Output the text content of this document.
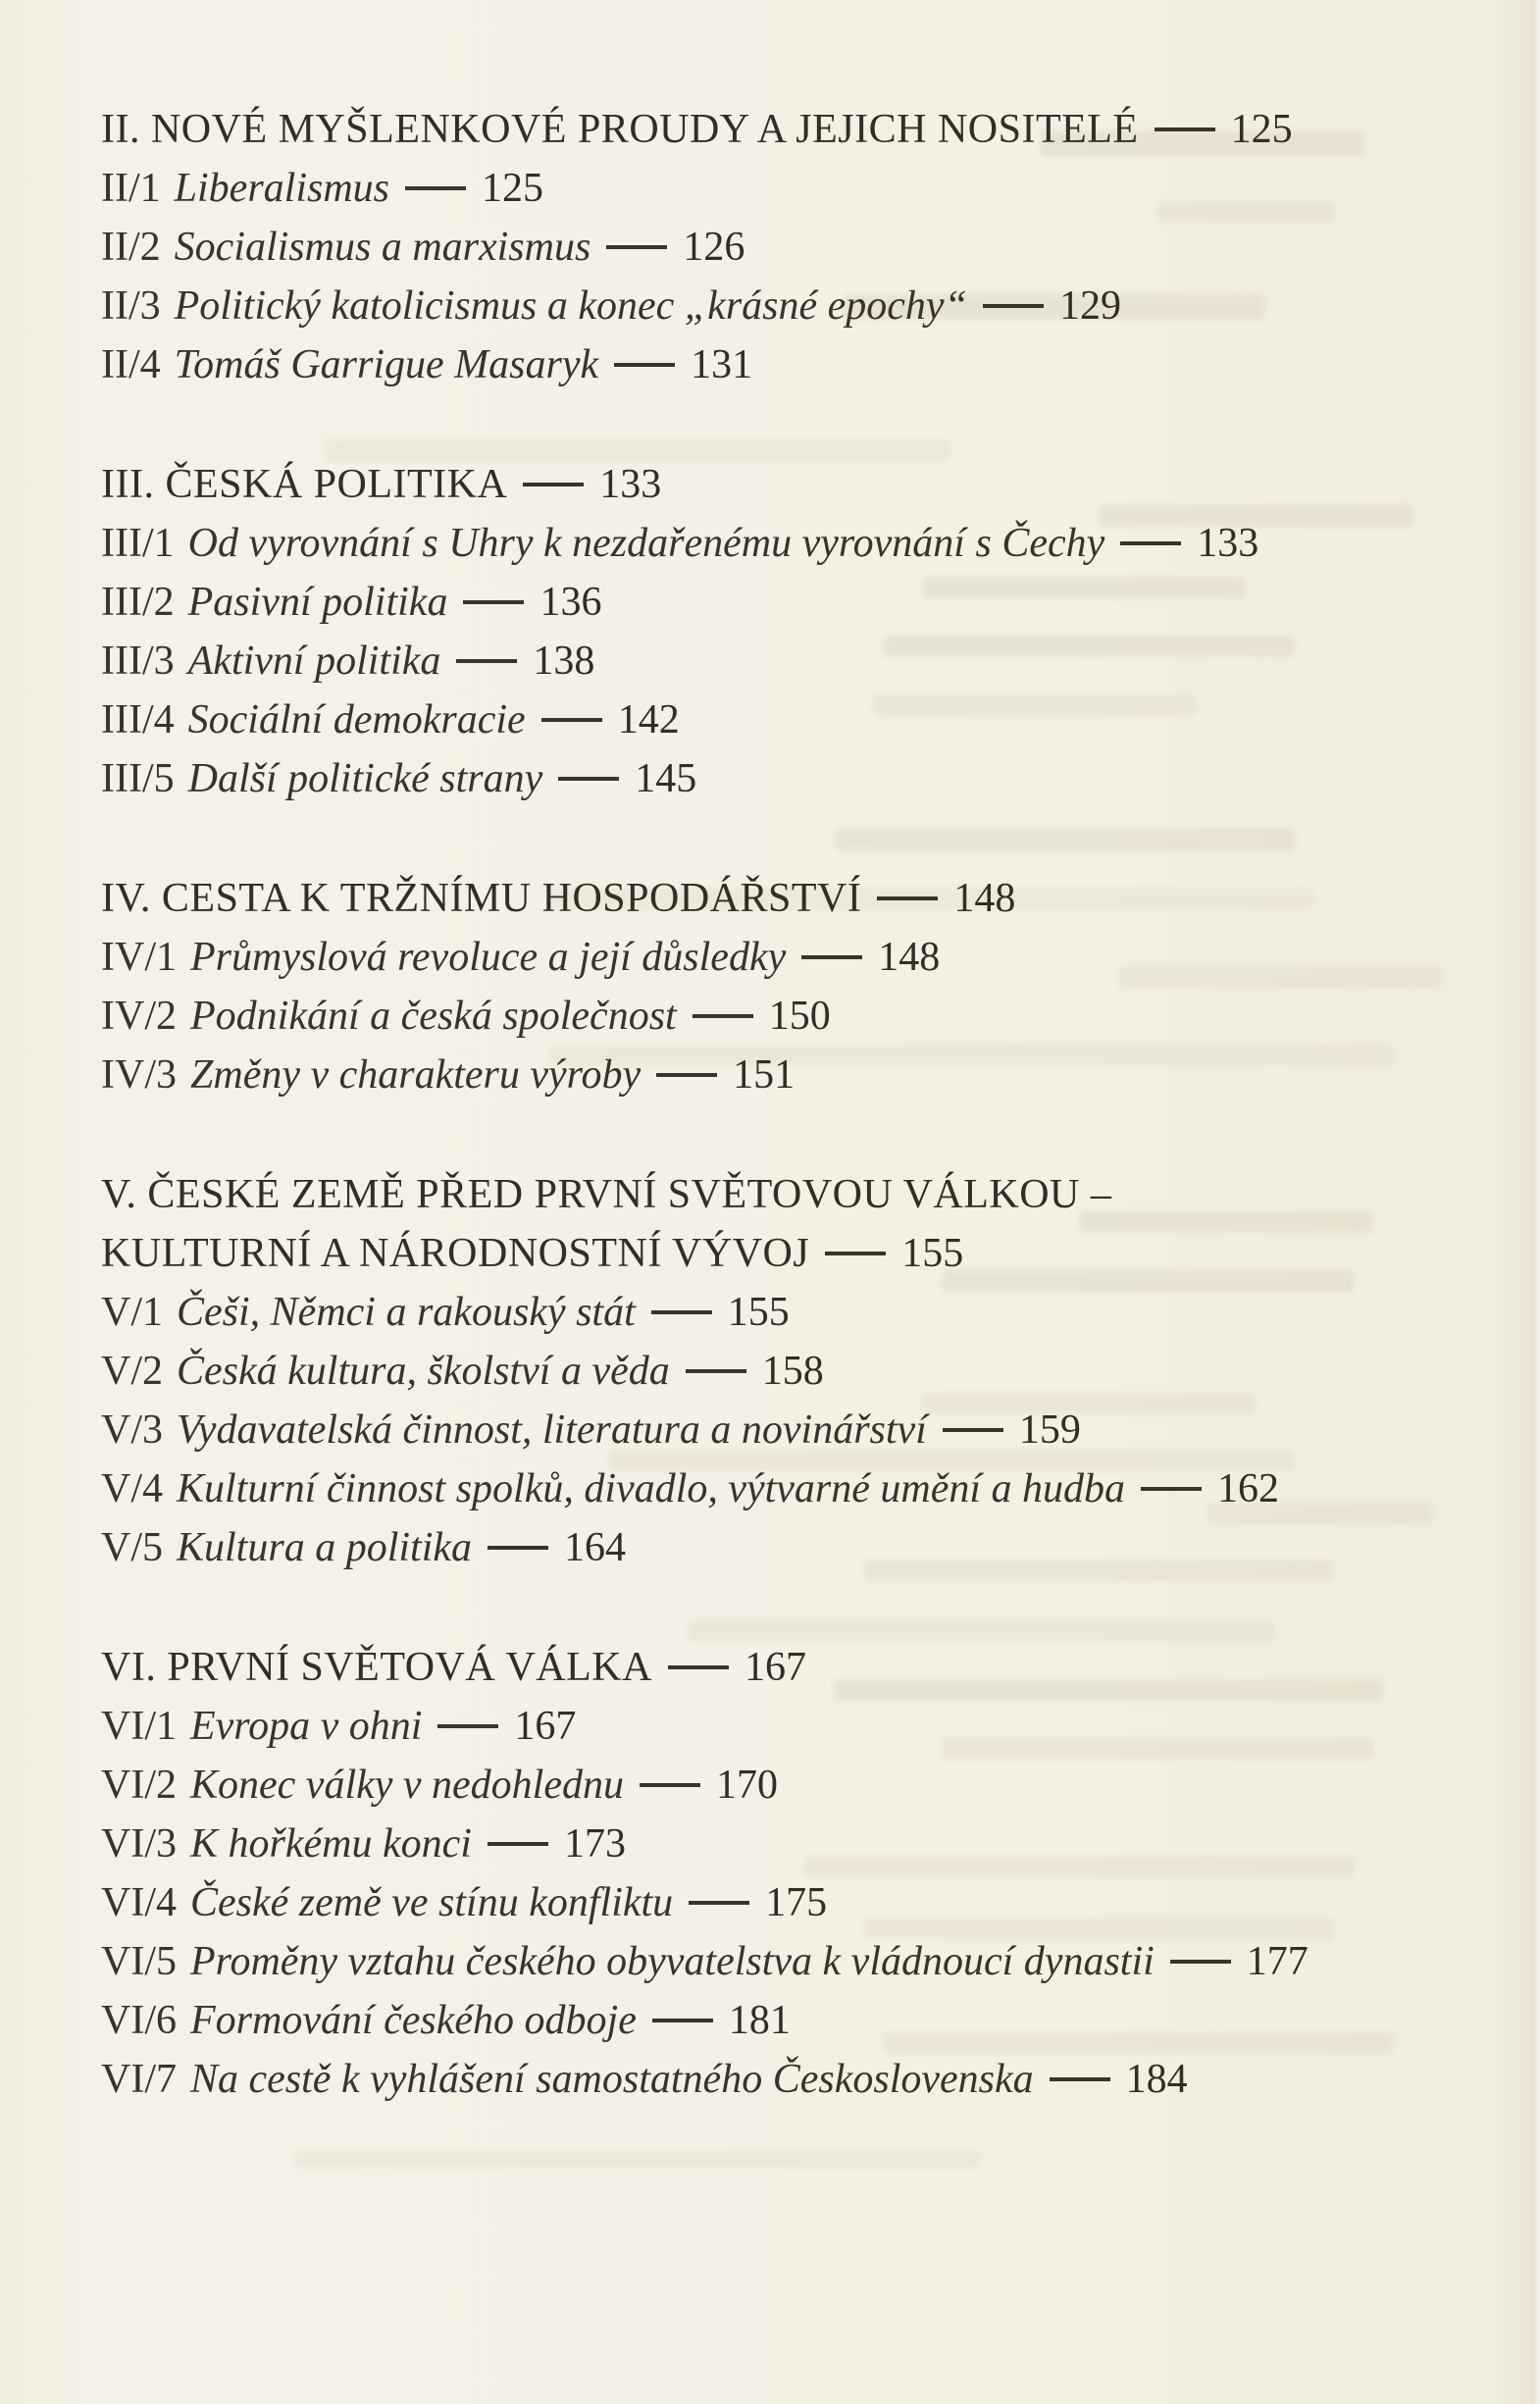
II. NOVÉ MYŠLENKOVÉ PROUDY A JEJICH NOSITELÉ 125
II/1 Liberalismus 125
II/2 Socialismus a marxismus 126
II/3 Politický katolicismus a konec „krásné epochy“ 129
II/4 Tomáš Garrigue Masaryk 131
III. ČESKÁ POLITIKA 133
III/1 Od vyrovnání s Uhry k nezdařenému vyrovnání s Čechy 133
III/2 Pasivní politika 136
III/3 Aktivní politika 138
III/4 Sociální demokracie 142
III/5 Další politické strany 145
IV. CESTA K TRŽNÍMU HOSPODÁŘSTVÍ 148
IV/1 Průmyslová revoluce a její důsledky 148
IV/2 Podnikání a česká společnost 150
IV/3 Změny v charakteru výroby 151
V. ČESKÉ ZEMĚ PŘED PRVNÍ SVĚTOVOU VÁLKOU –
KULTURNÍ A NÁRODNOSTNÍ VÝVOJ 155
V/1 Češi, Němci a rakouský stát 155
V/2 Česká kultura, školství a věda 158
V/3 Vydavatelská činnost, literatura a novinářství 159
V/4 Kulturní činnost spolků, divadlo, výtvarné umění a hudba 162
V/5 Kultura a politika 164
VI. PRVNÍ SVĚTOVÁ VÁLKA 167
VI/1 Evropa v ohni 167
VI/2 Konec války v nedohlednu 170
VI/3 K hořkému konci 173
VI/4 České země ve stínu konfliktu 175
VI/5 Proměny vztahu českého obyvatelstva k vládnoucí dynastii 177
VI/6 Formování českého odboje 181
VI/7 Na cestě k vyhlášení samostatného Československa 184
